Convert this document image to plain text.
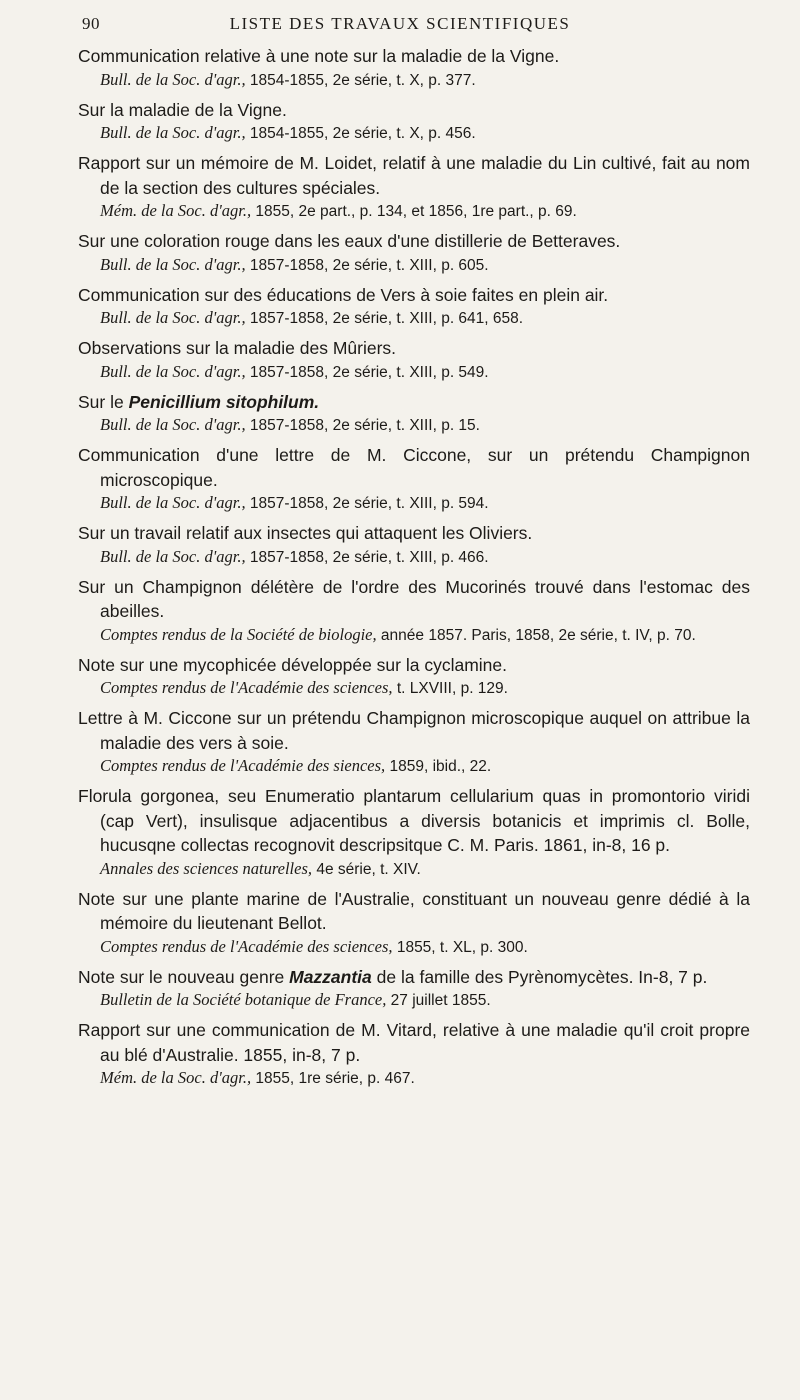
90	LISTE DES TRAVAUX SCIENTIFIQUES
Communication relative à une note sur la maladie de la Vigne.
Bull. de la Soc. d'agr., 1854-1855, 2e série, t. X, p. 377.
Sur la maladie de la Vigne.
Bull. de la Soc. d'agr., 1854-1855, 2e série, t. X, p. 456.
Rapport sur un mémoire de M. Loidet, relatif à une maladie du Lin cultivé, fait au nom de la section des cultures spéciales.
Mém. de la Soc. d'agr., 1855, 2e part., p. 134, et 1856, 1re part., p. 69.
Sur une coloration rouge dans les eaux d'une distillerie de Betteraves.
Bull. de la Soc. d'agr., 1857-1858, 2e série, t. XIII, p. 605.
Communication sur des éducations de Vers à soie faites en plein air.
Bull. de la Soc. d'agr., 1857-1858, 2e série, t. XIII, p. 641, 658.
Observations sur la maladie des Mûriers.
Bull. de la Soc. d'agr., 1857-1858, 2e série, t. XIII, p. 549.
Sur le Penicillium sitophilum.
Bull. de la Soc. d'agr., 1857-1858, 2e série, t. XIII, p. 15.
Communication d'une lettre de M. Ciccone, sur un prétendu Champignon microscopique.
Bull. de la Soc. d'agr., 1857-1858, 2e série, t. XIII, p. 594.
Sur un travail relatif aux insectes qui attaquent les Oliviers.
Bull. de la Soc. d'agr., 1857-1858, 2e série, t. XIII, p. 466.
Sur un Champignon délétère de l'ordre des Mucorinés trouvé dans l'estomac des abeilles.
Comptes rendus de la Société de biologie, année 1857. Paris, 1858, 2e série, t. IV, p. 70.
Note sur une mycophicée développée sur la cyclamine.
Comptes rendus de l'Académie des sciences, t. LXVIII, p. 129.
Lettre à M. Ciccone sur un prétendu Champignon microscopique auquel on attribue la maladie des vers à soie.
Comptes rendus de l'Académie des siences, 1859, ibid., 22.
Florula gorgonea, seu Enumeratio plantarum cellularium quas in promontorio viridi (cap Vert), insulisque adjacentibus a diversis botanicis et imprimis cl. Bolle, hucusqne collectas recognovit descripsitque C. M. Paris. 1861, in-8, 16 p.
Annales des sciences naturelles, 4e série, t. XIV.
Note sur une plante marine de l'Australie, constituant un nouveau genre dédié à la mémoire du lieutenant Bellot.
Comptes rendus de l'Académie des sciences, 1855, t. XL, p. 300.
Note sur le nouveau genre Mazzantia de la famille des Pyrènomycètes. In-8, 7 p.
Bulletin de la Société botanique de France, 27 juillet 1855.
Rapport sur une communication de M. Vitard, relative à une maladie qu'il croit propre au blé d'Australie. 1855, in-8, 7 p.
Mém. de la Soc. d'agr., 1855, 1re série, p. 467.
